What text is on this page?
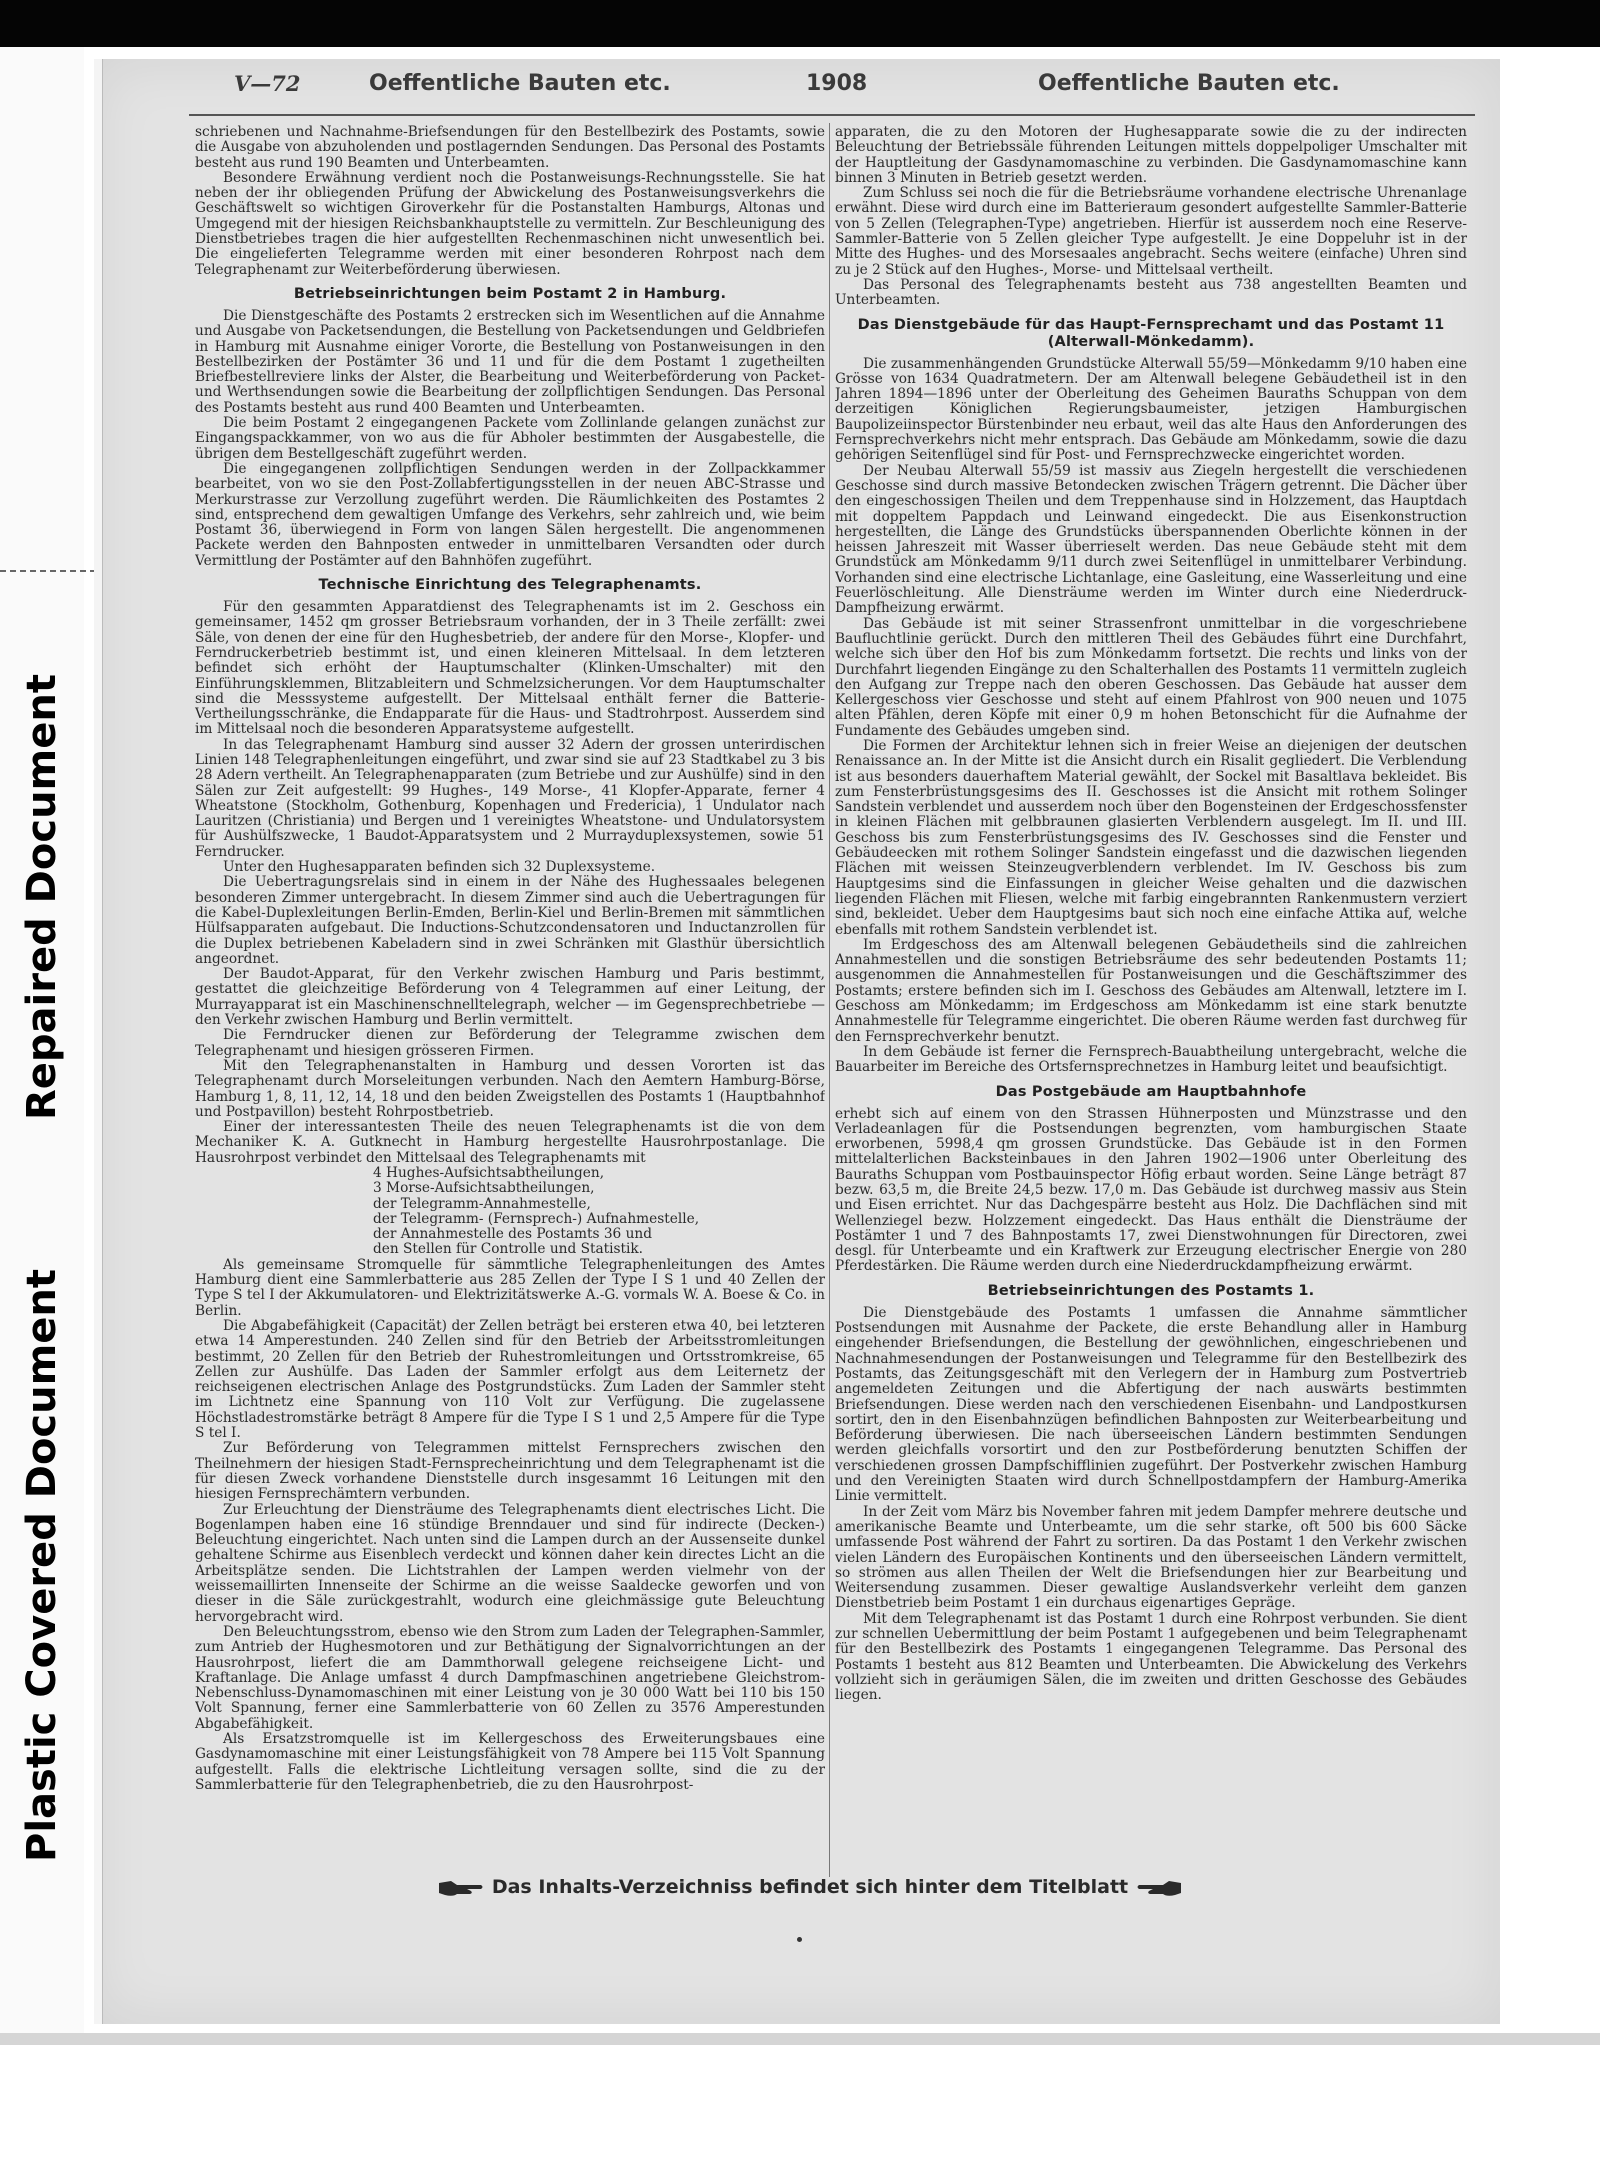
Repaired Document
Plastic Covered Document
V—72	Oeffentliche Bauten etc.	1908	Oeffentliche Bauten etc.

schriebenen und Nachnahme-Briefsendungen für den Bestellbezirk des Postamts, sowie die Ausgabe von abzuholenden und postlagernden Sendungen. Das Personal des Postamts besteht aus rund 190 Beamten und Unterbeamten.

Besondere Erwähnung verdient noch die Postanweisungs-Rechnungsstelle. Sie hat neben der ihr obliegenden Prüfung der Abwickelung des Postanweisungsverkehrs die Geschäftswelt so wichtigen Giroverkehr für die Postanstalten Hamburgs, Altonas und Umgegend mit der hiesigen Reichsbankhauptstelle zu vermitteln. Zur Beschleunigung des Dienstbetriebes tragen die hier aufgestellten Rechenmaschinen nicht unwesentlich bei. Die eingelieferten Telegramme werden mit einer besonderen Rohrpost nach dem Telegraphenamt zur Weiterbeförderung überwiesen.

Betriebseinrichtungen beim Postamt 2 in Hamburg.

Die Dienstgeschäfte des Postamts 2 erstrecken sich im Wesentlichen auf die Annahme und Ausgabe von Packetsendungen, die Bestellung von Packetsendungen und Geldbriefen in Hamburg mit Ausnahme einiger Vororte, die Bestellung von Postanweisungen in den Bestellbezirken der Postämter 36 und 11 und für die dem Postamt 1 zugetheilten Briefbestellreviere links der Alster, die Bearbeitung und Weiterbeförderung von Packet- und Werthsendungen sowie die Bearbeitung der zollpflichtigen Sendungen. Das Personal des Postamts besteht aus rund 400 Beamten und Unterbeamten.

Die beim Postamt 2 eingegangenen Packete vom Zollinlande gelangen zunächst zur Eingangspackkammer, von wo aus die für Abholer bestimmten der Ausgabestelle, die übrigen dem Bestellgeschäft zugeführt werden.

Die eingegangenen zollpflichtigen Sendungen werden in der Zollpackkammer bearbeitet, von wo sie den Post-Zollabfertigungsstellen in der neuen ABC-Strasse und Merkurstrasse zur Verzollung zugeführt werden. Die Räumlichkeiten des Postamtes 2 sind, entsprechend dem gewaltigen Umfange des Verkehrs, sehr zahlreich und, wie beim Postamt 36, überwiegend in Form von langen Sälen hergestellt. Die angenommenen Packete werden den Bahnposten entweder in unmittelbaren Versandten oder durch Vermittlung der Postämter auf den Bahnhöfen zugeführt.

Technische Einrichtung des Telegraphenamts.

Für den gesammten Apparatdienst des Telegraphenamts ist im 2. Geschoss ein gemeinsamer, 1452 qm grosser Betriebsraum vorhanden, der in 3 Theile zerfällt: zwei Säle, von denen der eine für den Hughesbetrieb, der andere für den Morse-, Klopfer- und Ferndruckerbetrieb bestimmt ist, und einen kleineren Mittelsaal. In dem letzteren befindet sich erhöht der Hauptumschalter (Klinken-Umschalter) mit den Einführungsklemmen, Blitzableitern und Schmelzsicherungen. Vor dem Hauptumschalter sind die Messsysteme aufgestellt. Der Mittelsaal enthält ferner die Batterie-Vertheilungsschränke, die Endapparate für die Haus- und Stadtrohrpost. Ausserdem sind im Mittelsaal noch die besonderen Apparatsysteme aufgestellt.

In das Telegraphenamt Hamburg sind ausser 32 Adern der grossen unterirdischen Linien 148 Telegraphenleitungen eingeführt, und zwar sind sie auf 23 Stadtkabel zu 3 bis 28 Adern vertheilt. An Telegraphenapparaten (zum Betriebe und zur Aushülfe) sind in den Sälen zur Zeit aufgestellt: 99 Hughes-, 149 Morse-, 41 Klopfer-Apparate, ferner 4 Wheatstone (Stockholm, Gothenburg, Kopenhagen und Fredericia), 1 Undulator nach Lauritzen (Christiania) und Bergen und 1 vereinigtes Wheatstone- und Undulatorsystem für Aushülfszwecke, 1 Baudot-Apparatsystem und 2 Murrayduplexsystemen, sowie 51 Ferndrucker.

Unter den Hughesapparaten befinden sich 32 Duplexsysteme.

Die Uebertragungsrelais sind in einem in der Nähe des Hughessaales belegenen besonderen Zimmer untergebracht. In diesem Zimmer sind auch die Uebertragungen für die Kabel-Duplexleitungen Berlin-Emden, Berlin-Kiel und Berlin-Bremen mit sämmtlichen Hülfsapparaten aufgebaut. Die Inductions-Schutzcondensatoren und Inductanzrollen für die Duplex betriebenen Kabeladern sind in zwei Schränken mit Glasthür übersichtlich angeordnet.

Der Baudot-Apparat, für den Verkehr zwischen Hamburg und Paris bestimmt, gestattet die gleichzeitige Beförderung von 4 Telegrammen auf einer Leitung, der Murrayapparat ist ein Maschinenschnelltelegraph, welcher — im Gegensprechbetriebe — den Verkehr zwischen Hamburg und Berlin vermittelt.

Die Ferndrucker dienen zur Beförderung der Telegramme zwischen dem Telegraphenamt und hiesigen grösseren Firmen.

Mit den Telegraphenanstalten in Hamburg und dessen Vororten ist das Telegraphenamt durch Morseleitungen verbunden. Nach den Aemtern Hamburg-Börse, Hamburg 1, 8, 11, 12, 14, 18 und den beiden Zweigstellen des Postamts 1 (Hauptbahnhof und Postpavillon) besteht Rohrpostbetrieb.

Einer der interessantesten Theile des neuen Telegraphenamts ist die von dem Mechaniker K. A. Gutknecht in Hamburg hergestellte Hausrohrpostanlage. Die Hausrohrpost verbindet den Mittelsaal des Telegraphenamts mit

4 Hughes-Aufsichtsabtheilungen,
3 Morse-Aufsichtsabtheilungen,
der Telegramm-Annahmestelle,
der Telegramm- (Fernsprech-) Aufnahmestelle,
der Annahmestelle des Postamts 36 und
den Stellen für Controlle und Statistik.

Als gemeinsame Stromquelle für sämmtliche Telegraphenleitungen des Amtes Hamburg dient eine Sammlerbatterie aus 285 Zellen der Type I S 1 und 40 Zellen der Type S tel I der Akkumulatoren- und Elektrizitätswerke A.-G. vormals W. A. Boese & Co. in Berlin.

Die Abgabefähigkeit (Capacität) der Zellen beträgt bei ersteren etwa 40, bei letzteren etwa 14 Amperestunden. 240 Zellen sind für den Betrieb der Arbeitsstromleitungen bestimmt, 20 Zellen für den Betrieb der Ruhestromleitungen und Ortsstromkreise, 65 Zellen zur Aushülfe. Das Laden der Sammler erfolgt aus dem Leiternetz der reichseigenen electrischen Anlage des Postgrundstücks. Zum Laden der Sammler steht im Lichtnetz eine Spannung von 110 Volt zur Verfügung. Die zugelassene Höchstladestromstärke beträgt 8 Ampere für die Type I S 1 und 2,5 Ampere für die Type S tel I.

Zur Beförderung von Telegrammen mittelst Fernsprechers zwischen den Theilnehmern der hiesigen Stadt-Fernsprecheinrichtung und dem Telegraphenamt ist die für diesen Zweck vorhandene Dienststelle durch insgesammt 16 Leitungen mit den hiesigen Fernsprechämtern verbunden.

Zur Erleuchtung der Diensträume des Telegraphenamts dient electrisches Licht. Die Bogenlampen haben eine 16 stündige Brenndauer und sind für indirecte (Decken-) Beleuchtung eingerichtet. Nach unten sind die Lampen durch an der Aussenseite dunkel gehaltene Schirme aus Eisenblech verdeckt und können daher kein directes Licht an die Arbeitsplätze senden. Die Lichtstrahlen der Lampen werden vielmehr von der weissemaillirten Innenseite der Schirme an die weisse Saaldecke geworfen und von dieser in die Säle zurückgestrahlt, wodurch eine gleichmässige gute Beleuchtung hervorgebracht wird.

Den Beleuchtungsstrom, ebenso wie den Strom zum Laden der Telegraphen-Sammler, zum Antrieb der Hughesmotoren und zur Bethätigung der Signalvorrichtungen an der Hausrohrpost, liefert die am Dammthorwall gelegene reichseigene Licht- und Kraftanlage. Die Anlage umfasst 4 durch Dampfmaschinen angetriebene Gleichstrom-Nebenschluss-Dynamomaschinen mit einer Leistung von je 30 000 Watt bei 110 bis 150 Volt Spannung, ferner eine Sammlerbatterie von 60 Zellen zu 3576 Amperestunden Abgabefähigkeit.

Als Ersatzstromquelle ist im Kellergeschoss des Erweiterungsbaues eine Gasdynamomaschine mit einer Leistungsfähigkeit von 78 Ampere bei 115 Volt Spannung aufgestellt. Falls die elektrische Lichtleitung versagen sollte, sind die zu der Sammlerbatterie für den Telegraphenbetrieb, die zu den Hausrohrpost-

apparaten, die zu den Motoren der Hughesapparate sowie die zu der indirecten Beleuchtung der Betriebssäle führenden Leitungen mittels doppelpoliger Umschalter mit der Hauptleitung der Gasdynamomaschine zu verbinden. Die Gasdynamomaschine kann binnen 3 Minuten in Betrieb gesetzt werden.

Zum Schluss sei noch die für die Betriebsräume vorhandene electrische Uhrenanlage erwähnt. Diese wird durch eine im Batterieraum gesondert aufgestellte Sammler-Batterie von 5 Zellen (Telegraphen-Type) angetrieben. Hierfür ist ausserdem noch eine Reserve-Sammler-Batterie von 5 Zellen gleicher Type aufgestellt. Je eine Doppeluhr ist in der Mitte des Hughes- und des Morsesaales angebracht. Sechs weitere (einfache) Uhren sind zu je 2 Stück auf den Hughes-, Morse- und Mittelsaal vertheilt.

Das Personal des Telegraphenamts besteht aus 738 angestellten Beamten und Unterbeamten.

Das Dienstgebäude für das Haupt-Fernsprechamt und das Postamt 11 (Alterwall-Mönkedamm).

Die zusammenhängenden Grundstücke Alterwall 55/59—Mönkedamm 9/10 haben eine Grösse von 1634 Quadratmetern. Der am Altenwall belegene Gebäudetheil ist in den Jahren 1894—1896 unter der Oberleitung des Geheimen Bauraths Schuppan von dem derzeitigen Königlichen Regierungsbaumeister, jetzigen Hamburgischen Baupolizeiinspector Bürstenbinder neu erbaut, weil das alte Haus den Anforderungen des Fernsprechverkehrs nicht mehr entsprach. Das Gebäude am Mönkedamm, sowie die dazu gehörigen Seitenflügel sind für Post- und Fernsprechzwecke eingerichtet worden.

Der Neubau Alterwall 55/59 ist massiv aus Ziegeln hergestellt die verschiedenen Geschosse sind durch massive Betondecken zwischen Trägern getrennt. Die Dächer über den eingeschossigen Theilen und dem Treppenhause sind in Holzzement, das Hauptdach mit doppeltem Pappdach und Leinwand eingedeckt. Die aus Eisenkonstruction hergestellten, die Länge des Grundstücks überspannenden Oberlichte können in der heissen Jahreszeit mit Wasser überrieselt werden. Das neue Gebäude steht mit dem Grundstück am Mönkedamm 9/11 durch zwei Seitenflügel in unmittelbarer Verbindung. Vorhanden sind eine electrische Lichtanlage, eine Gasleitung, eine Wasserleitung und eine Feuerlöschleitung. Alle Diensträume werden im Winter durch eine Niederdruck-Dampfheizung erwärmt.

Das Gebäude ist mit seiner Strassenfront unmittelbar in die vorgeschriebene Baufluchtlinie gerückt. Durch den mittleren Theil des Gebäudes führt eine Durchfahrt, welche sich über den Hof bis zum Mönkedamm fortsetzt. Die rechts und links von der Durchfahrt liegenden Eingänge zu den Schalterhallen des Postamts 11 vermitteln zugleich den Aufgang zur Treppe nach den oberen Geschossen. Das Gebäude hat ausser dem Kellergeschoss vier Geschosse und steht auf einem Pfahlrost von 900 neuen und 1075 alten Pfählen, deren Köpfe mit einer 0,9 m hohen Betonschicht für die Aufnahme der Fundamente des Gebäudes umgeben sind.

Die Formen der Architektur lehnen sich in freier Weise an diejenigen der deutschen Renaissance an. In der Mitte ist die Ansicht durch ein Risalit gegliedert. Die Verblendung ist aus besonders dauerhaftem Material gewählt, der Sockel mit Basaltlava bekleidet. Bis zum Fensterbrüstungsgesims des II. Geschosses ist die Ansicht mit rothem Solinger Sandstein verblendet und ausserdem noch über den Bogensteinen der Erdgeschossfenster in kleinen Flächen mit gelbbraunen glasierten Verblendern ausgelegt. Im II. und III. Geschoss bis zum Fensterbrüstungsgesims des IV. Geschosses sind die Fenster und Gebäudeecken mit rothem Solinger Sandstein eingefasst und die dazwischen liegenden Flächen mit weissen Steinzeugverblendern verblendet. Im IV. Geschoss bis zum Hauptgesims sind die Einfassungen in gleicher Weise gehalten und die dazwischen liegenden Flächen mit Fliesen, welche mit farbig eingebrannten Rankenmustern verziert sind, bekleidet. Ueber dem Hauptgesims baut sich noch eine einfache Attika auf, welche ebenfalls mit rothem Sandstein verblendet ist.

Im Erdgeschoss des am Altenwall belegenen Gebäudetheils sind die zahlreichen Annahmestellen und die sonstigen Betriebsräume des sehr bedeutenden Postamts 11; ausgenommen die Annahmestellen für Postanweisungen und die Geschäftszimmer des Postamts; erstere befinden sich im I. Geschoss des Gebäudes am Altenwall, letztere im I. Geschoss am Mönkedamm; im Erdgeschoss am Mönkedamm ist eine stark benutzte Annahmestelle für Telegramme eingerichtet. Die oberen Räume werden fast durchweg für den Fernsprechverkehr benutzt.

In dem Gebäude ist ferner die Fernsprech-Bauabtheilung untergebracht, welche die Bauarbeiter im Bereiche des Ortsfernsprechnetzes in Hamburg leitet und beaufsichtigt.

Das Postgebäude am Hauptbahnhofe

erhebt sich auf einem von den Strassen Hühnerposten und Münzstrasse und den Verladeanlagen für die Postsendungen begrenzten, vom hamburgischen Staate erworbenen, 5998,4 qm grossen Grundstücke. Das Gebäude ist in den Formen mittelalterlichen Backsteinbaues in den Jahren 1902—1906 unter Oberleitung des Bauraths Schuppan vom Postbauinspector Höfig erbaut worden. Seine Länge beträgt 87 bezw. 63,5 m, die Breite 24,5 bezw. 17,0 m. Das Gebäude ist durchweg massiv aus Stein und Eisen errichtet. Nur das Dachgespärre besteht aus Holz. Die Dachflächen sind mit Wellenziegel bezw. Holzzement eingedeckt. Das Haus enthält die Diensträume der Postämter 1 und 7 des Bahnpostamts 17, zwei Dienstwohnungen für Directoren, zwei desgl. für Unterbeamte und ein Kraftwerk zur Erzeugung electrischer Energie von 280 Pferdestärken. Die Räume werden durch eine Niederdruckdampfheizung erwärmt.

Betriebseinrichtungen des Postamts 1.

Die Dienstgebäude des Postamts 1 umfassen die Annahme sämmtlicher Postsendungen mit Ausnahme der Packete, die erste Behandlung aller in Hamburg eingehender Briefsendungen, die Bestellung der gewöhnlichen, eingeschriebenen und Nachnahmesendungen der Postanweisungen und Telegramme für den Bestellbezirk des Postamts, das Zeitungsgeschäft mit den Verlegern der in Hamburg zum Postvertrieb angemeldeten Zeitungen und die Abfertigung der nach auswärts bestimmten Briefsendungen. Diese werden nach den verschiedenen Eisenbahn- und Landpostkursen sortirt, den in den Eisenbahnzügen befindlichen Bahnposten zur Weiterbearbeitung und Beförderung überwiesen. Die nach überseeischen Ländern bestimmten Sendungen werden gleichfalls vorsortirt und den zur Postbeförderung benutzten Schiffen der verschiedenen grossen Dampfschifflinien zugeführt. Der Postverkehr zwischen Hamburg und den Vereinigten Staaten wird durch Schnellpostdampfern der Hamburg-Amerika Linie vermittelt.

In der Zeit vom März bis November fahren mit jedem Dampfer mehrere deutsche und amerikanische Beamte und Unterbeamte, um die sehr starke, oft 500 bis 600 Säcke umfassende Post während der Fahrt zu sortiren. Da das Postamt 1 den Verkehr zwischen vielen Ländern des Europäischen Kontinents und den überseeischen Ländern vermittelt, so strömen aus allen Theilen der Welt die Briefsendungen hier zur Bearbeitung und Weitersendung zusammen. Dieser gewaltige Auslandsverkehr verleiht dem ganzen Dienstbetrieb beim Postamt 1 ein durchaus eigenartiges Gepräge.

Mit dem Telegraphenamt ist das Postamt 1 durch eine Rohrpost verbunden. Sie dient zur schnellen Uebermittlung der beim Postamt 1 aufgegebenen und beim Telegraphenamt für den Bestellbezirk des Postamts 1 eingegangenen Telegramme. Das Personal des Postamts 1 besteht aus 812 Beamten und Unterbeamten. Die Abwickelung des Verkehrs vollzieht sich in geräumigen Sälen, die im zweiten und dritten Geschosse des Gebäudes liegen.

Das Inhalts-Verzeichniss befindet sich hinter dem Titelblatt
